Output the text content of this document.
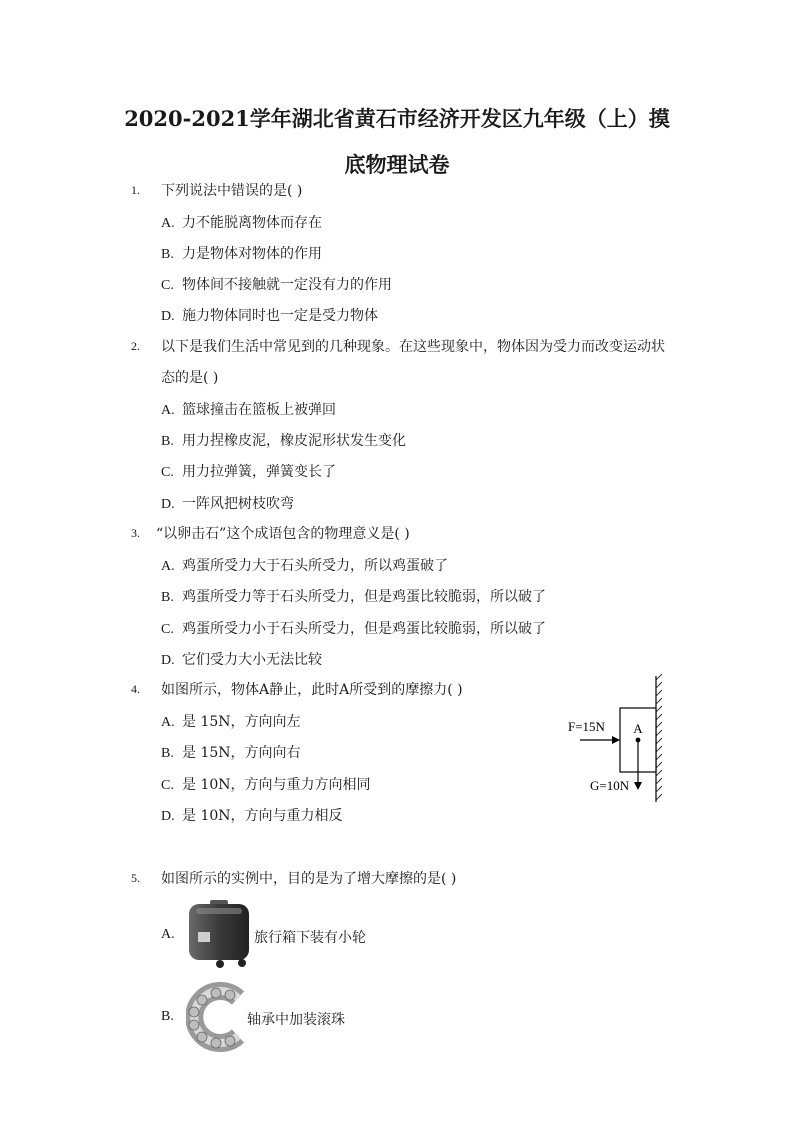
2020-2021学年湖北省黄石市经济开发区九年级（上）摸
底物理试卷
1. 下列说法中错误的是( )
A. 力不能脱离物体而存在
B. 力是物体对物体的作用
C. 物体间不接触就一定没有力的作用
D. 施力物体同时也一定是受力物体
2. 以下是我们生活中常见到的几种现象。在这些现象中，物体因为受力而改变运动状态的是( )
A. 篮球撞击在篮板上被弹回
B. 用力捏橡皮泥，橡皮泥形状发生变化
C. 用力拉弹簧，弹簧变长了
D. 一阵风把树枝吹弯
3. “以卵击石”这个成语包含的物理意义是( )
A. 鸡蛋所受力大于石头所受力，所以鸡蛋破了
B. 鸡蛋所受力等于石头所受力，但是鸡蛋比较脆弱，所以破了
C. 鸡蛋所受力小于石头所受力，但是鸡蛋比较脆弱，所以破了
D. 它们受力大小无法比较
4. 如图所示，物体A静止，此时A所受到的摩擦力( )
A. 是 15N，方向向左
B. 是 15N，方向向右
C. 是 10N，方向与重力方向相同
D. 是 10N，方向与重力相反
A
F=15N
G=10N
5. 如图所示的实例中，目的是为了增大摩擦的是( )
A.	旅行箱下装有小轮
B.	轴承中加装滚珠
